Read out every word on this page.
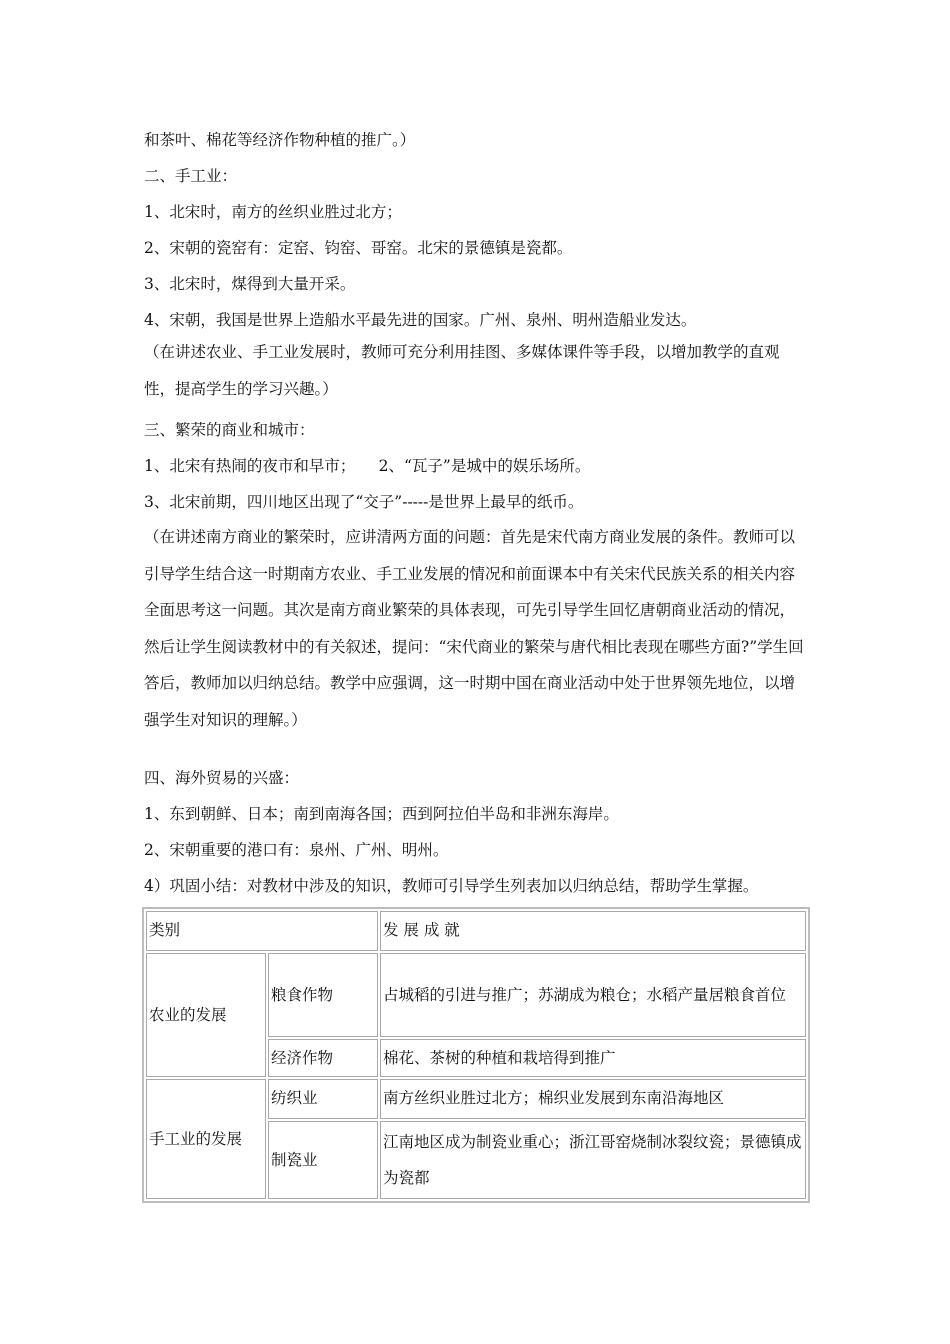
和茶叶、棉花等经济作物种植的推广。）
二、手工业：
1、北宋时，南方的丝织业胜过北方；
2、宋朝的瓷窑有：定窑、钧窑、哥窑。北宋的景德镇是瓷都。
3、北宋时，煤得到大量开采。
4、宋朝，我国是世界上造船水平最先进的国家。广州、泉州、明州造船业发达。
（在讲述农业、手工业发展时，教师可充分利用挂图、多媒体课件等手段，以增加教学的直观性，提高学生的学习兴趣。）
三、繁荣的商业和城市：
1、北宋有热闹的夜市和早市；　　2、“瓦子”是城中的娱乐场所。
3、北宋前期，四川地区出现了“交子”-----是世界上最早的纸币。
（在讲述南方商业的繁荣时，应讲清两方面的问题：首先是宋代南方商业发展的条件。教师可以引导学生结合这一时期南方农业、手工业发展的情况和前面课本中有关宋代民族关系的相关内容全面思考这一问题。其次是南方商业繁荣的具体表现，可先引导学生回忆唐朝商业活动的情况，然后让学生阅读教材中的有关叙述，提问：“宋代商业的繁荣与唐代相比表现在哪些方面?”学生回答后，教师加以归纳总结。教学中应强调，这一时期中国在商业活动中处于世界领先地位，以增强学生对知识的理解。）
四、海外贸易的兴盛：
1、东到朝鲜、日本；南到南海各国；西到阿拉伯半岛和非洲东海岸。
2、宋朝重要的港口有：泉州、广州、明州。
4）巩固小结：对教材中涉及的知识，教师可引导学生列表加以归纳总结，帮助学生掌握。
类别		发 展 成 就
农业的发展	粮食作物	占城稻的引进与推广；苏湖成为粮仓；水稻产量居粮食首位
	经济作物	棉花、茶树的种植和栽培得到推广
手工业的发展	纺织业	南方丝织业胜过北方；棉织业发展到东南沿海地区
	制瓷业	江南地区成为制瓷业重心；浙江哥窑烧制冰裂纹瓷；景德镇成为瓷都
